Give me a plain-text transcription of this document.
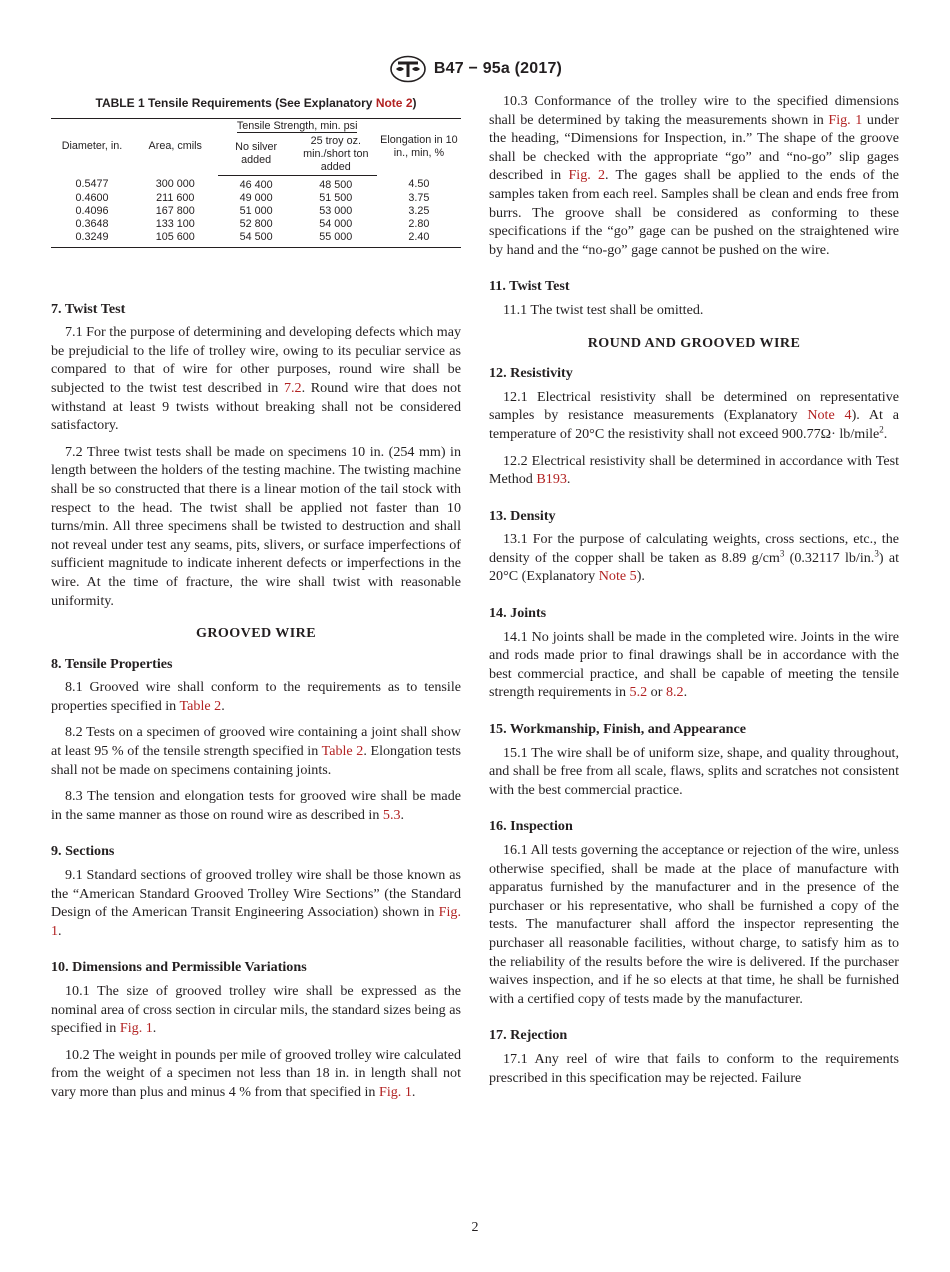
B47 − 95a (2017)
TABLE 1 Tensile Requirements (See Explanatory Note 2)
Diameter, in.	Area, cmils	Tensile Strength, min. psi		Elongation in 10 in., min, %
		No silver added	25 troy oz. min./short ton added	
0.5477	300 000	46 400	48 500	4.50
0.4600	211 600	49 000	51 500	3.75
0.4096	167 800	51 000	53 000	3.25
0.3648	133 100	52 800	54 000	2.80
0.3249	105 600	54 500	55 000	2.40
7. Twist Test

7.1 For the purpose of determining and developing defects which may be prejudicial to the life of trolley wire, owing to its peculiar service as compared to that of wire for other purposes, round wire shall be subjected to the twist test described in 7.2. Round wire that does not withstand at least 9 twists without breaking shall not be considered satisfactory.

7.2 Three twist tests shall be made on specimens 10 in. (254 mm) in length between the holders of the testing machine. The twisting machine shall be so constructed that there is a linear motion of the tail stock with respect to the head. The twist shall be applied not faster than 10 turns/min. All three specimens shall be twisted to destruction and shall not reveal under test any seams, pits, slivers, or surface imperfections of sufficient magnitude to indicate inherent defects or imperfections in the wire. At the time of fracture, the wire shall twist with reasonable uniformity.

GROOVED WIRE
8. Tensile Properties

8.1 Grooved wire shall conform to the requirements as to tensile properties specified in Table 2.

8.2 Tests on a specimen of grooved wire containing a joint shall show at least 95 % of the tensile strength specified in Table 2. Elongation tests shall not be made on specimens containing joints.

8.3 The tension and elongation tests for grooved wire shall be made in the same manner as those on round wire as described in 5.3.

9. Sections

9.1 Standard sections of grooved trolley wire shall be those known as the “American Standard Grooved Trolley Wire Sections” (the Standard Design of the American Transit Engineering Association) shown in Fig. 1.

10. Dimensions and Permissible Variations

10.1 The size of grooved trolley wire shall be expressed as the nominal area of cross section in circular mils, the standard sizes being as specified in Fig. 1.

10.2 The weight in pounds per mile of grooved trolley wire calculated from the weight of a specimen not less than 18 in. in length shall not vary more than plus and minus 4 % from that specified in Fig. 1.

10.3 Conformance of the trolley wire to the specified dimensions shall be determined by taking the measurements shown in Fig. 1 under the heading, “Dimensions for Inspection, in.” The shape of the groove shall be checked with the appropriate “go” and “no-go” slip gages described in Fig. 2. The gages shall be applied to the ends of the samples taken from each reel. Samples shall be clean and ends free from burrs. The groove shall be considered as conforming to these specifications if the “go” gage can be pushed on the straightened wire by hand and the “no-go” gage cannot be pushed on the wire.

11. Twist Test

11.1 The twist test shall be omitted.

ROUND AND GROOVED WIRE
12. Resistivity

12.1 Electrical resistivity shall be determined on representative samples by resistance measurements (Explanatory Note 4). At a temperature of 20°C the resistivity shall not exceed 900.77Ω· lb/mile$^2$.

12.2 Electrical resistivity shall be determined in accordance with Test Method B193.

13. Density

13.1 For the purpose of calculating weights, cross sections, etc., the density of the copper shall be taken as 8.89 $g/cm^3$ (0.32117 lb/in.$^3$) at 20°C (Explanatory Note 5).

14. Joints

14.1 No joints shall be made in the completed wire. Joints in the wire and rods made prior to final drawings shall be in accordance with the best commercial practice, and shall be capable of meeting the tensile strength requirements in 5.2 or 8.2.

15. Workmanship, Finish, and Appearance

15.1 The wire shall be of uniform size, shape, and quality throughout, and shall be free from all scale, flaws, splits and scratches not consistent with the best commercial practice.

16. Inspection

16.1 All tests governing the acceptance or rejection of the wire, unless otherwise specified, shall be made at the place of manufacture with apparatus furnished by the manufacturer and in the presence of the purchaser or his representative, who shall be furnished a copy of the tests. The manufacturer shall afford the inspector representing the purchaser all reasonable facilities, without charge, to satisfy him as to the reliability of the results before the wire is delivered. If the purchaser waives inspection, and if he so elects at that time, he shall be furnished with a certified copy of tests made by the manufacturer.

17. Rejection

17.1 Any reel of wire that fails to conform to the requirements prescribed in this specification may be rejected. Failure

2
